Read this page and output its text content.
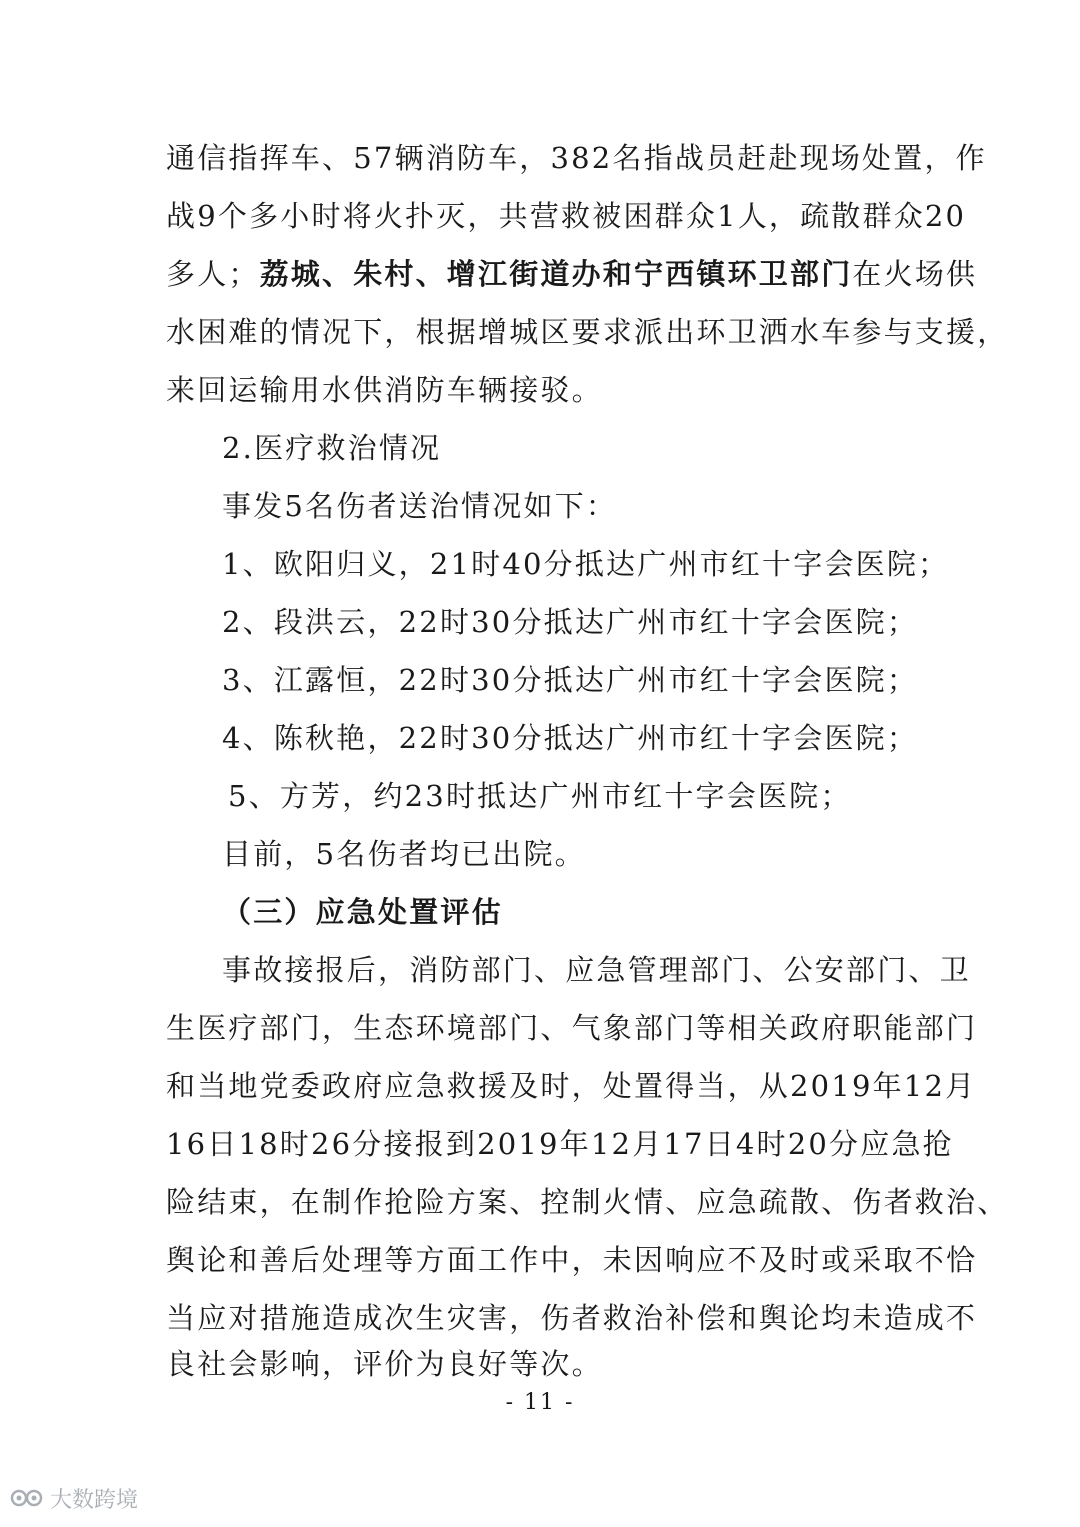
通信指挥车、57辆消防车，382名指战员赶赴现场处置，作
战9个多小时将火扑灭，共营救被困群众1人，疏散群众20
多人；荔城、朱村、增江街道办和宁西镇环卫部门在火场供
水困难的情况下，根据增城区要求派出环卫洒水车参与支援，
来回运输用水供消防车辆接驳。
2.医疗救治情况
事发5名伤者送治情况如下：
1、欧阳归义，21时40分抵达广州市红十字会医院；
2、段洪云，22时30分抵达广州市红十字会医院；
3、江露恒，22时30分抵达广州市红十字会医院；
4、陈秋艳，22时30分抵达广州市红十字会医院；
5、方芳，约23时抵达广州市红十字会医院；
目前，5名伤者均已出院。
（三）应急处置评估
事故接报后，消防部门、应急管理部门、公安部门、卫
生医疗部门，生态环境部门、气象部门等相关政府职能部门
和当地党委政府应急救援及时，处置得当，从2019年12月
16日18时26分接报到2019年12月17日4时20分应急抢
险结束，在制作抢险方案、控制火情、应急疏散、伤者救治、
舆论和善后处理等方面工作中，未因响应不及时或采取不恰
当应对措施造成次生灾害，伤者救治补偿和舆论均未造成不
良社会影响，评价为良好等次。
- 11 -
大数跨境
